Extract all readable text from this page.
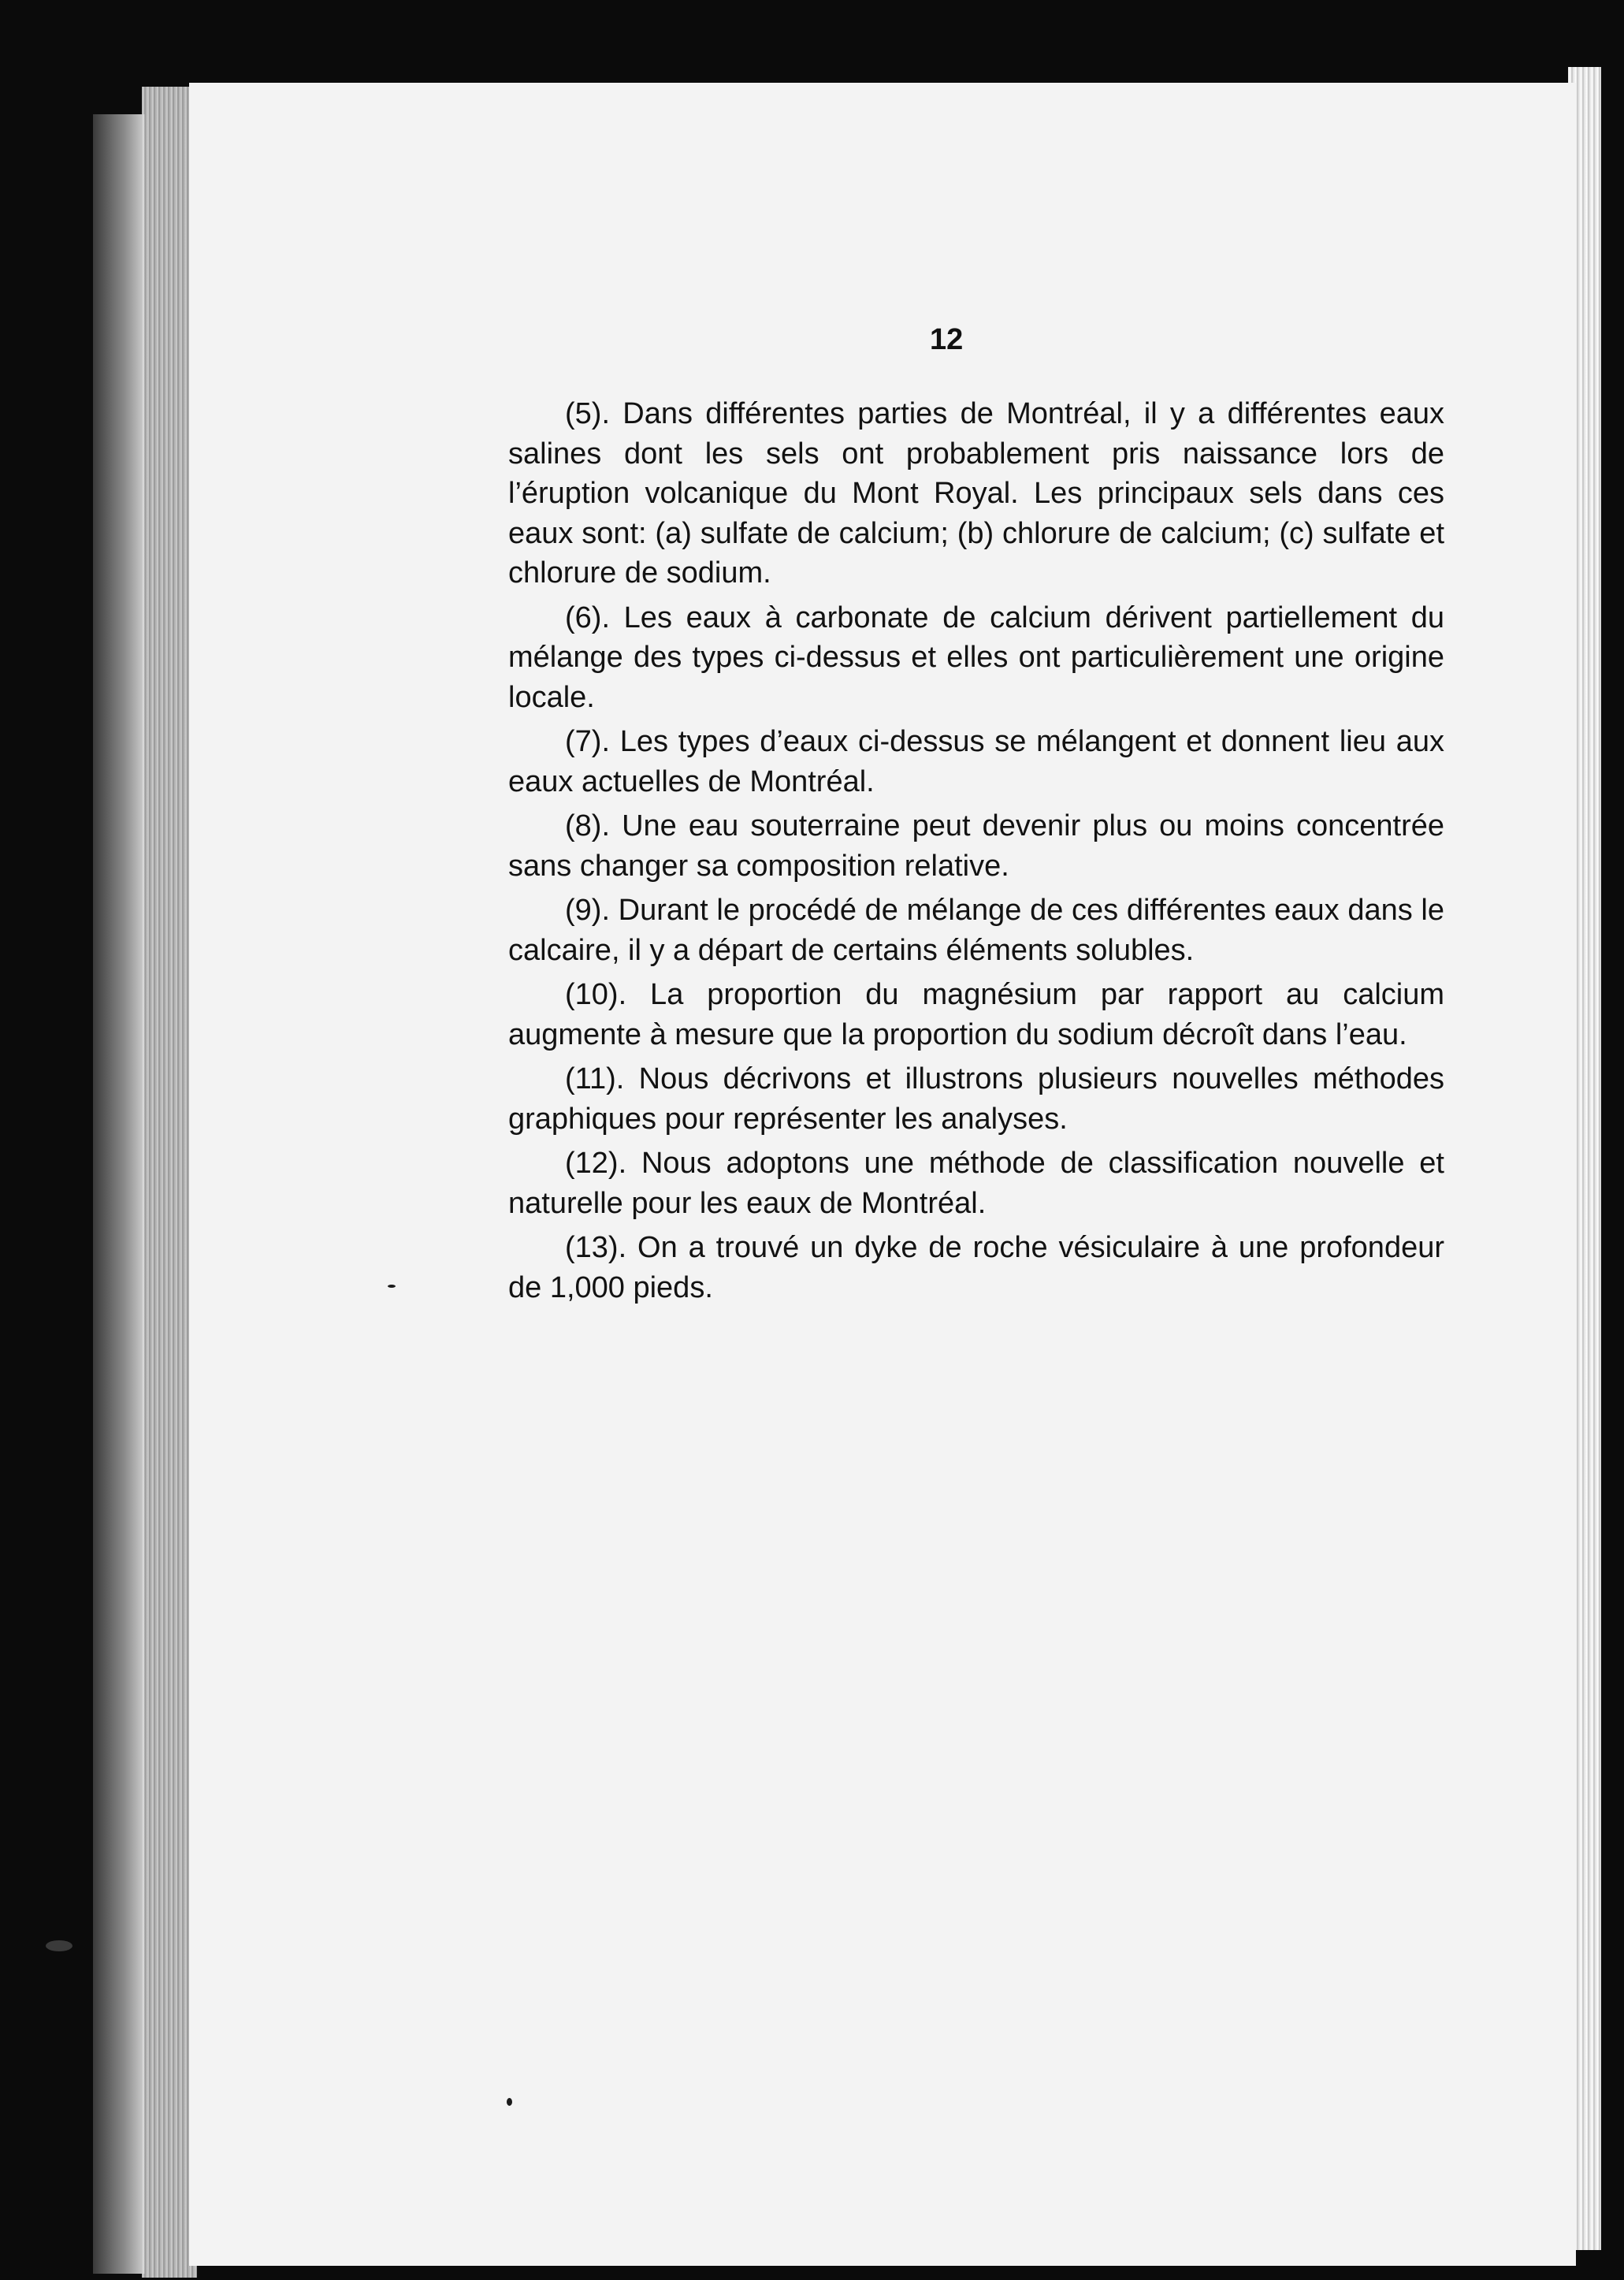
12

(5). Dans différentes parties de Montréal, il y a différentes eaux salines dont les sels ont probablement pris naissance lors de l’éruption volcanique du Mont Royal. Les principaux sels dans ces eaux sont: (a) sulfate de calcium; (b) chlorure de calcium; (c) sulfate et chlorure de sodium.

(6). Les eaux à carbonate de calcium dérivent partiellement du mélange des types ci-dessus et elles ont particulièrement une origine locale.

(7). Les types d’eaux ci-dessus se mélangent et donnent lieu aux eaux actuelles de Montréal.

(8). Une eau souterraine peut devenir plus ou moins concentrée sans changer sa composition relative.

(9). Durant le procédé de mélange de ces différentes eaux dans le calcaire, il y a départ de certains éléments solubles.

(10). La proportion du magnésium par rapport au calcium augmente à mesure que la proportion du sodium décroît dans l’eau.

(11). Nous décrivons et illustrons plusieurs nouvelles méthodes graphiques pour représenter les analyses.

(12). Nous adoptons une méthode de classification nouvelle et naturelle pour les eaux de Montréal.

(13). On a trouvé un dyke de roche vésiculaire à une profondeur de 1,000 pieds.
